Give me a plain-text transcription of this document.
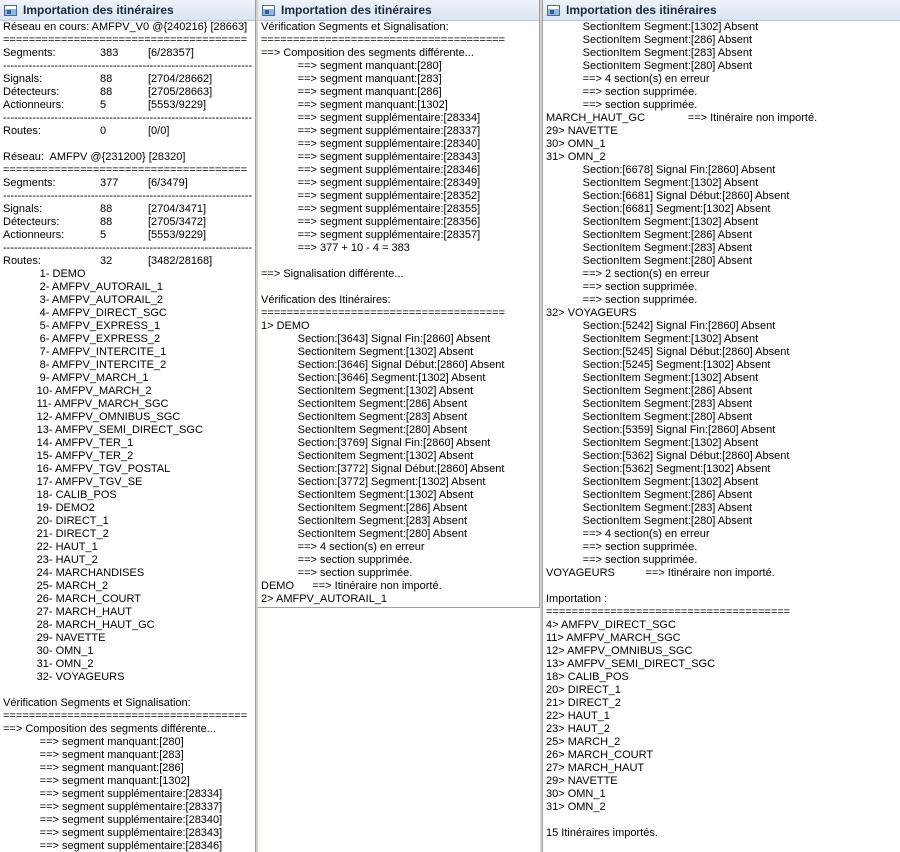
Importation des itinéraires
Réseau en cours: AMFPV_V0 @{240216} [28663]
======================================
Segments:	383	[6/28357]
--------------------------------------------------------------------
Signals:	88	[2704/28662]
Détecteurs:	88	[2705/28663]
Actionneurs:	5	[5553/9229]
--------------------------------------------------------------------
Routes:	0	[0/0]
Réseau:  AMFPV @{231200} [28320]
======================================
Segments:	377	[6/3479]
--------------------------------------------------------------------
Signals:	88	[2704/3471]
Détecteurs:	88	[2705/3472]
Actionneurs:	5	[5553/9229]
--------------------------------------------------------------------
Routes:	32	[3482/28168]
1- DEMO
2- AMFPV_AUTORAIL_1
3- AMFPV_AUTORAIL_2
4- AMFPV_DIRECT_SGC
5- AMFPV_EXPRESS_1
6- AMFPV_EXPRESS_2
7- AMFPV_INTERCITE_1
8- AMFPV_INTERCITE_2
9- AMFPV_MARCH_1
10- AMFPV_MARCH_2
11- AMFPV_MARCH_SGC
12- AMFPV_OMNIBUS_SGC
13- AMFPV_SEMI_DIRECT_SGC
14- AMFPV_TER_1
15- AMFPV_TER_2
16- AMFPV_TGV_POSTAL
17- AMFPV_TGV_SE
18- CALIB_POS
19- DEMO2
20- DIRECT_1
21- DIRECT_2
22- HAUT_1
23- HAUT_2
24- MARCHANDISES
25- MARCH_2
26- MARCH_COURT
27- MARCH_HAUT
28- MARCH_HAUT_GC
29- NAVETTE
30- OMN_1
31- OMN_2
32- VOYAGEURS
Vérification Segments et Signalisation:
======================================
==> Composition des segments différente...
==> segment manquant:[280]
==> segment manquant:[283]
==> segment manquant:[286]
==> segment manquant:[1302]
==> segment supplémentaire:[28334]
==> segment supplémentaire:[28337]
==> segment supplémentaire:[28340]
==> segment supplémentaire:[28343]
==> segment supplémentaire:[28346]
Importation des itinéraires
Vérification Segments et Signalisation:
======================================
==> Composition des segments différente...
==> segment manquant:[280]
==> segment manquant:[283]
==> segment manquant:[286]
==> segment manquant:[1302]
==> segment supplémentaire:[28334]
==> segment supplémentaire:[28337]
==> segment supplémentaire:[28340]
==> segment supplémentaire:[28343]
==> segment supplémentaire:[28346]
==> segment supplémentaire:[28349]
==> segment supplémentaire:[28352]
==> segment supplémentaire:[28355]
==> segment supplémentaire:[28356]
==> segment supplémentaire:[28357]
==> 377 + 10 - 4 = 383
==> Signalisation différente...
Vérification des Itinéraires:
======================================
1> DEMO
Section:[3643] Signal Fin:[2860] Absent
SectionItem Segment:[1302] Absent
Section:[3646] Signal Début:[2860] Absent
Section:[3646] Segment:[1302] Absent
SectionItem Segment:[1302] Absent
SectionItem Segment:[286] Absent
SectionItem Segment:[283] Absent
SectionItem Segment:[280] Absent
Section:[3769] Signal Fin:[2860] Absent
SectionItem Segment:[1302] Absent
Section:[3772] Signal Début:[2860] Absent
Section:[3772] Segment:[1302] Absent
SectionItem Segment:[1302] Absent
SectionItem Segment:[286] Absent
SectionItem Segment:[283] Absent
SectionItem Segment:[280] Absent
==> 4 section(s) en erreur
==> section supprimée.
==> section supprimée.
DEMO      ==> Itinéraire non importé.
2> AMFPV_AUTORAIL_1
Importation des itinéraires
SectionItem Segment:[1302] Absent
SectionItem Segment:[286] Absent
SectionItem Segment:[283] Absent
SectionItem Segment:[280] Absent
==> 4 section(s) en erreur
==> section supprimée.
==> section supprimée.
MARCH_HAUT_GC              ==> Itinéraire non importé.
29> NAVETTE
30> OMN_1
31> OMN_2
Section:[6678] Signal Fin:[2860] Absent
SectionItem Segment:[1302] Absent
Section:[6681] Signal Début:[2860] Absent
Section:[6681] Segment:[1302] Absent
SectionItem Segment:[1302] Absent
SectionItem Segment:[286] Absent
SectionItem Segment:[283] Absent
SectionItem Segment:[280] Absent
==> 2 section(s) en erreur
==> section supprimée.
==> section supprimée.
32> VOYAGEURS
Section:[5242] Signal Fin:[2860] Absent
SectionItem Segment:[1302] Absent
Section:[5245] Signal Début:[2860] Absent
Section:[5245] Segment:[1302] Absent
SectionItem Segment:[1302] Absent
SectionItem Segment:[286] Absent
SectionItem Segment:[283] Absent
SectionItem Segment:[280] Absent
Section:[5359] Signal Fin:[2860] Absent
SectionItem Segment:[1302] Absent
Section:[5362] Signal Début:[2860] Absent
Section:[5362] Segment:[1302] Absent
SectionItem Segment:[1302] Absent
SectionItem Segment:[286] Absent
SectionItem Segment:[283] Absent
SectionItem Segment:[280] Absent
==> 4 section(s) en erreur
==> section supprimée.
==> section supprimée.
VOYAGEURS          ==> Itinéraire non importé.
Importation :
======================================
4> AMFPV_DIRECT_SGC
11> AMFPV_MARCH_SGC
12> AMFPV_OMNIBUS_SGC
13> AMFPV_SEMI_DIRECT_SGC
18> CALIB_POS
20> DIRECT_1
21> DIRECT_2
22> HAUT_1
23> HAUT_2
25> MARCH_2
26> MARCH_COURT
27> MARCH_HAUT
29> NAVETTE
30> OMN_1
31> OMN_2
15 Itinéraires importés.
